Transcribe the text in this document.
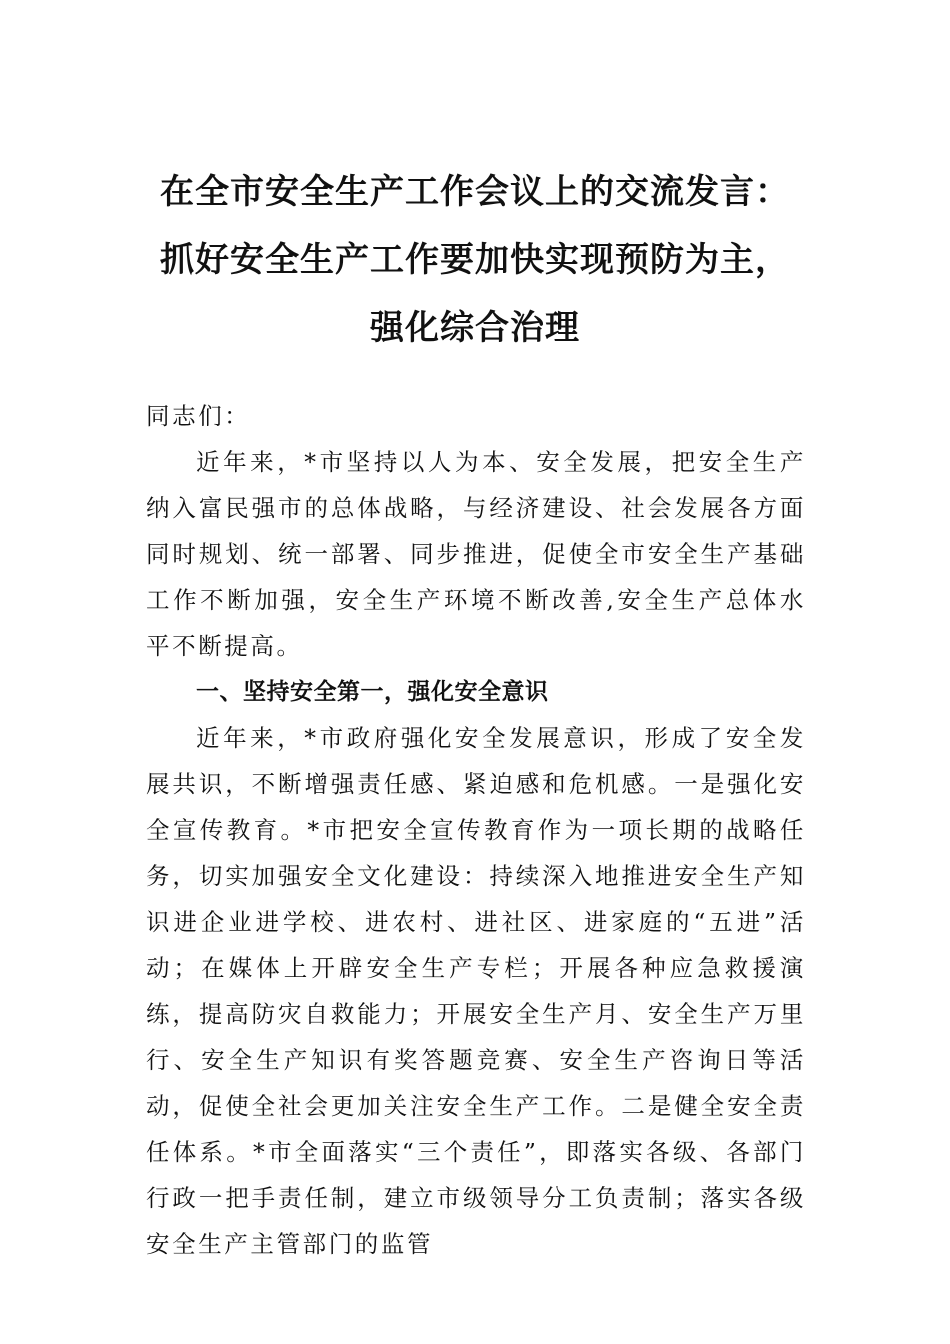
在全市安全生产工作会议上的交流发言：
抓好安全生产工作要加快实现预防为主，
强化综合治理

同志们：

近年来，*市坚持以人为本、安全发展，把安全生产纳入富民强市的总体战略，与经济建设、社会发展各方面同时规划、统一部署、同步推进，促使全市安全生产基础工作不断加强，安全生产环境不断改善,安全生产总体水平不断提高。

一、坚持安全第一，强化安全意识

近年来，*市政府强化安全发展意识，形成了安全发展共识，不断增强责任感、紧迫感和危机感。一是强化安全宣传教育。*市把安全宣传教育作为一项长期的战略任务，切实加强安全文化建设：持续深入地推进安全生产知识进企业进学校、进农村、进社区、进家庭的“五进”活动；在媒体上开辟安全生产专栏；开展各种应急救援演练，提高防灾自救能力；开展安全生产月、安全生产万里行、安全生产知识有奖答题竞赛、安全生产咨询日等活动，促使全社会更加关注安全生产工作。二是健全安全责任体系。*市全面落实“三个责任”，即落实各级、各部门行政一把手责任制，建立市级领导分工负责制；落实各级安全生产主管部门的监管
